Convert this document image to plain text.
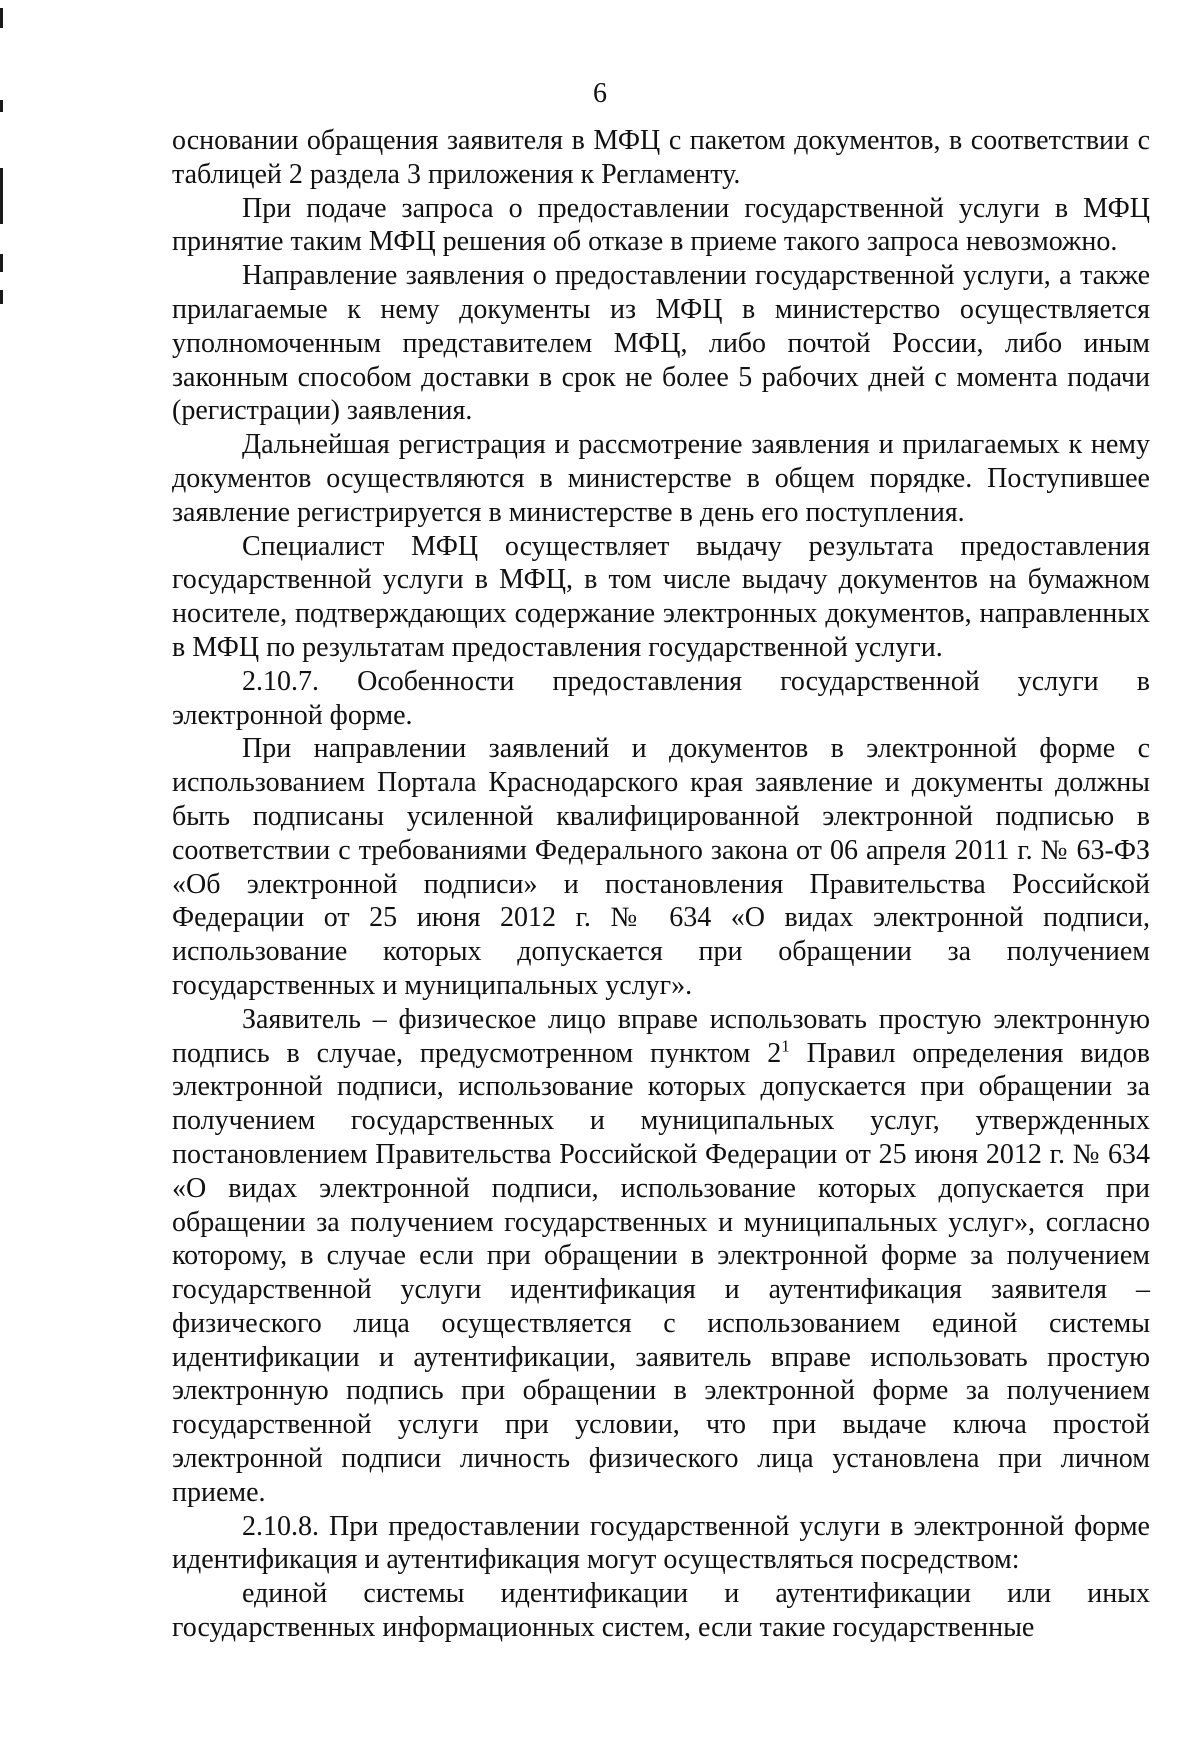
6

основании обращения заявителя в МФЦ с пакетом документов, в соответствии с таблицей 2 раздела 3 приложения к Регламенту.

При подаче запроса о предоставлении государственной услуги в МФЦ принятие таким МФЦ решения об отказе в приеме такого запроса невозможно.

Направление заявления о предоставлении государственной услуги, а также прилагаемые к нему документы из МФЦ в министерство осуществляется уполномоченным представителем МФЦ, либо почтой России, либо иным законным способом доставки в срок не более 5 рабочих дней с момента подачи (регистрации) заявления.

Дальнейшая регистрация и рассмотрение заявления и прилагаемых к нему документов осуществляются в министерстве в общем порядке. Поступившее заявление регистрируется в министерстве в день его поступления.

Специалист МФЦ осуществляет выдачу результата предоставления государственной услуги в МФЦ, в том числе выдачу документов на бумажном носителе, подтверждающих содержание электронных документов, направленных в МФЦ по результатам предоставления государственной услуги.

2.10.7. Особенности предоставления государственной услуги в электронной форме.

При направлении заявлений и документов в электронной форме с использованием Портала Краснодарского края заявление и документы должны быть подписаны усиленной квалифицированной электронной подписью в соответствии с требованиями Федерального закона от 06 апреля 2011 г. № 63-ФЗ «Об электронной подписи» и постановления Правительства Российской Федерации от 25 июня 2012 г. № 634 «О видах электронной подписи, использование которых допускается при обращении за получением государственных и муниципальных услуг».

Заявитель – физическое лицо вправе использовать простую электронную подпись в случае, предусмотренном пунктом $2^1$ Правил определения видов электронной подписи, использование которых допускается при обращении за получением государственных и муниципальных услуг, утвержденных постановлением Правительства Российской Федерации от 25 июня 2012 г. № 634 «О видах электронной подписи, использование которых допускается при обращении за получением государственных и муниципальных услуг», согласно которому, в случае если при обращении в электронной форме за получением государственной услуги идентификация и аутентификация заявителя – физического лица осуществляется с использованием единой системы идентификации и аутентификации, заявитель вправе использовать простую электронную подпись при обращении в электронной форме за получением государственной услуги при условии, что при выдаче ключа простой электронной подписи личность физического лица установлена при личном приеме.

2.10.8. При предоставлении государственной услуги в электронной форме идентификация и аутентификация могут осуществляться посредством:

единой системы идентификации и аутентификации или иных государственных информационных систем, если такие государственные
